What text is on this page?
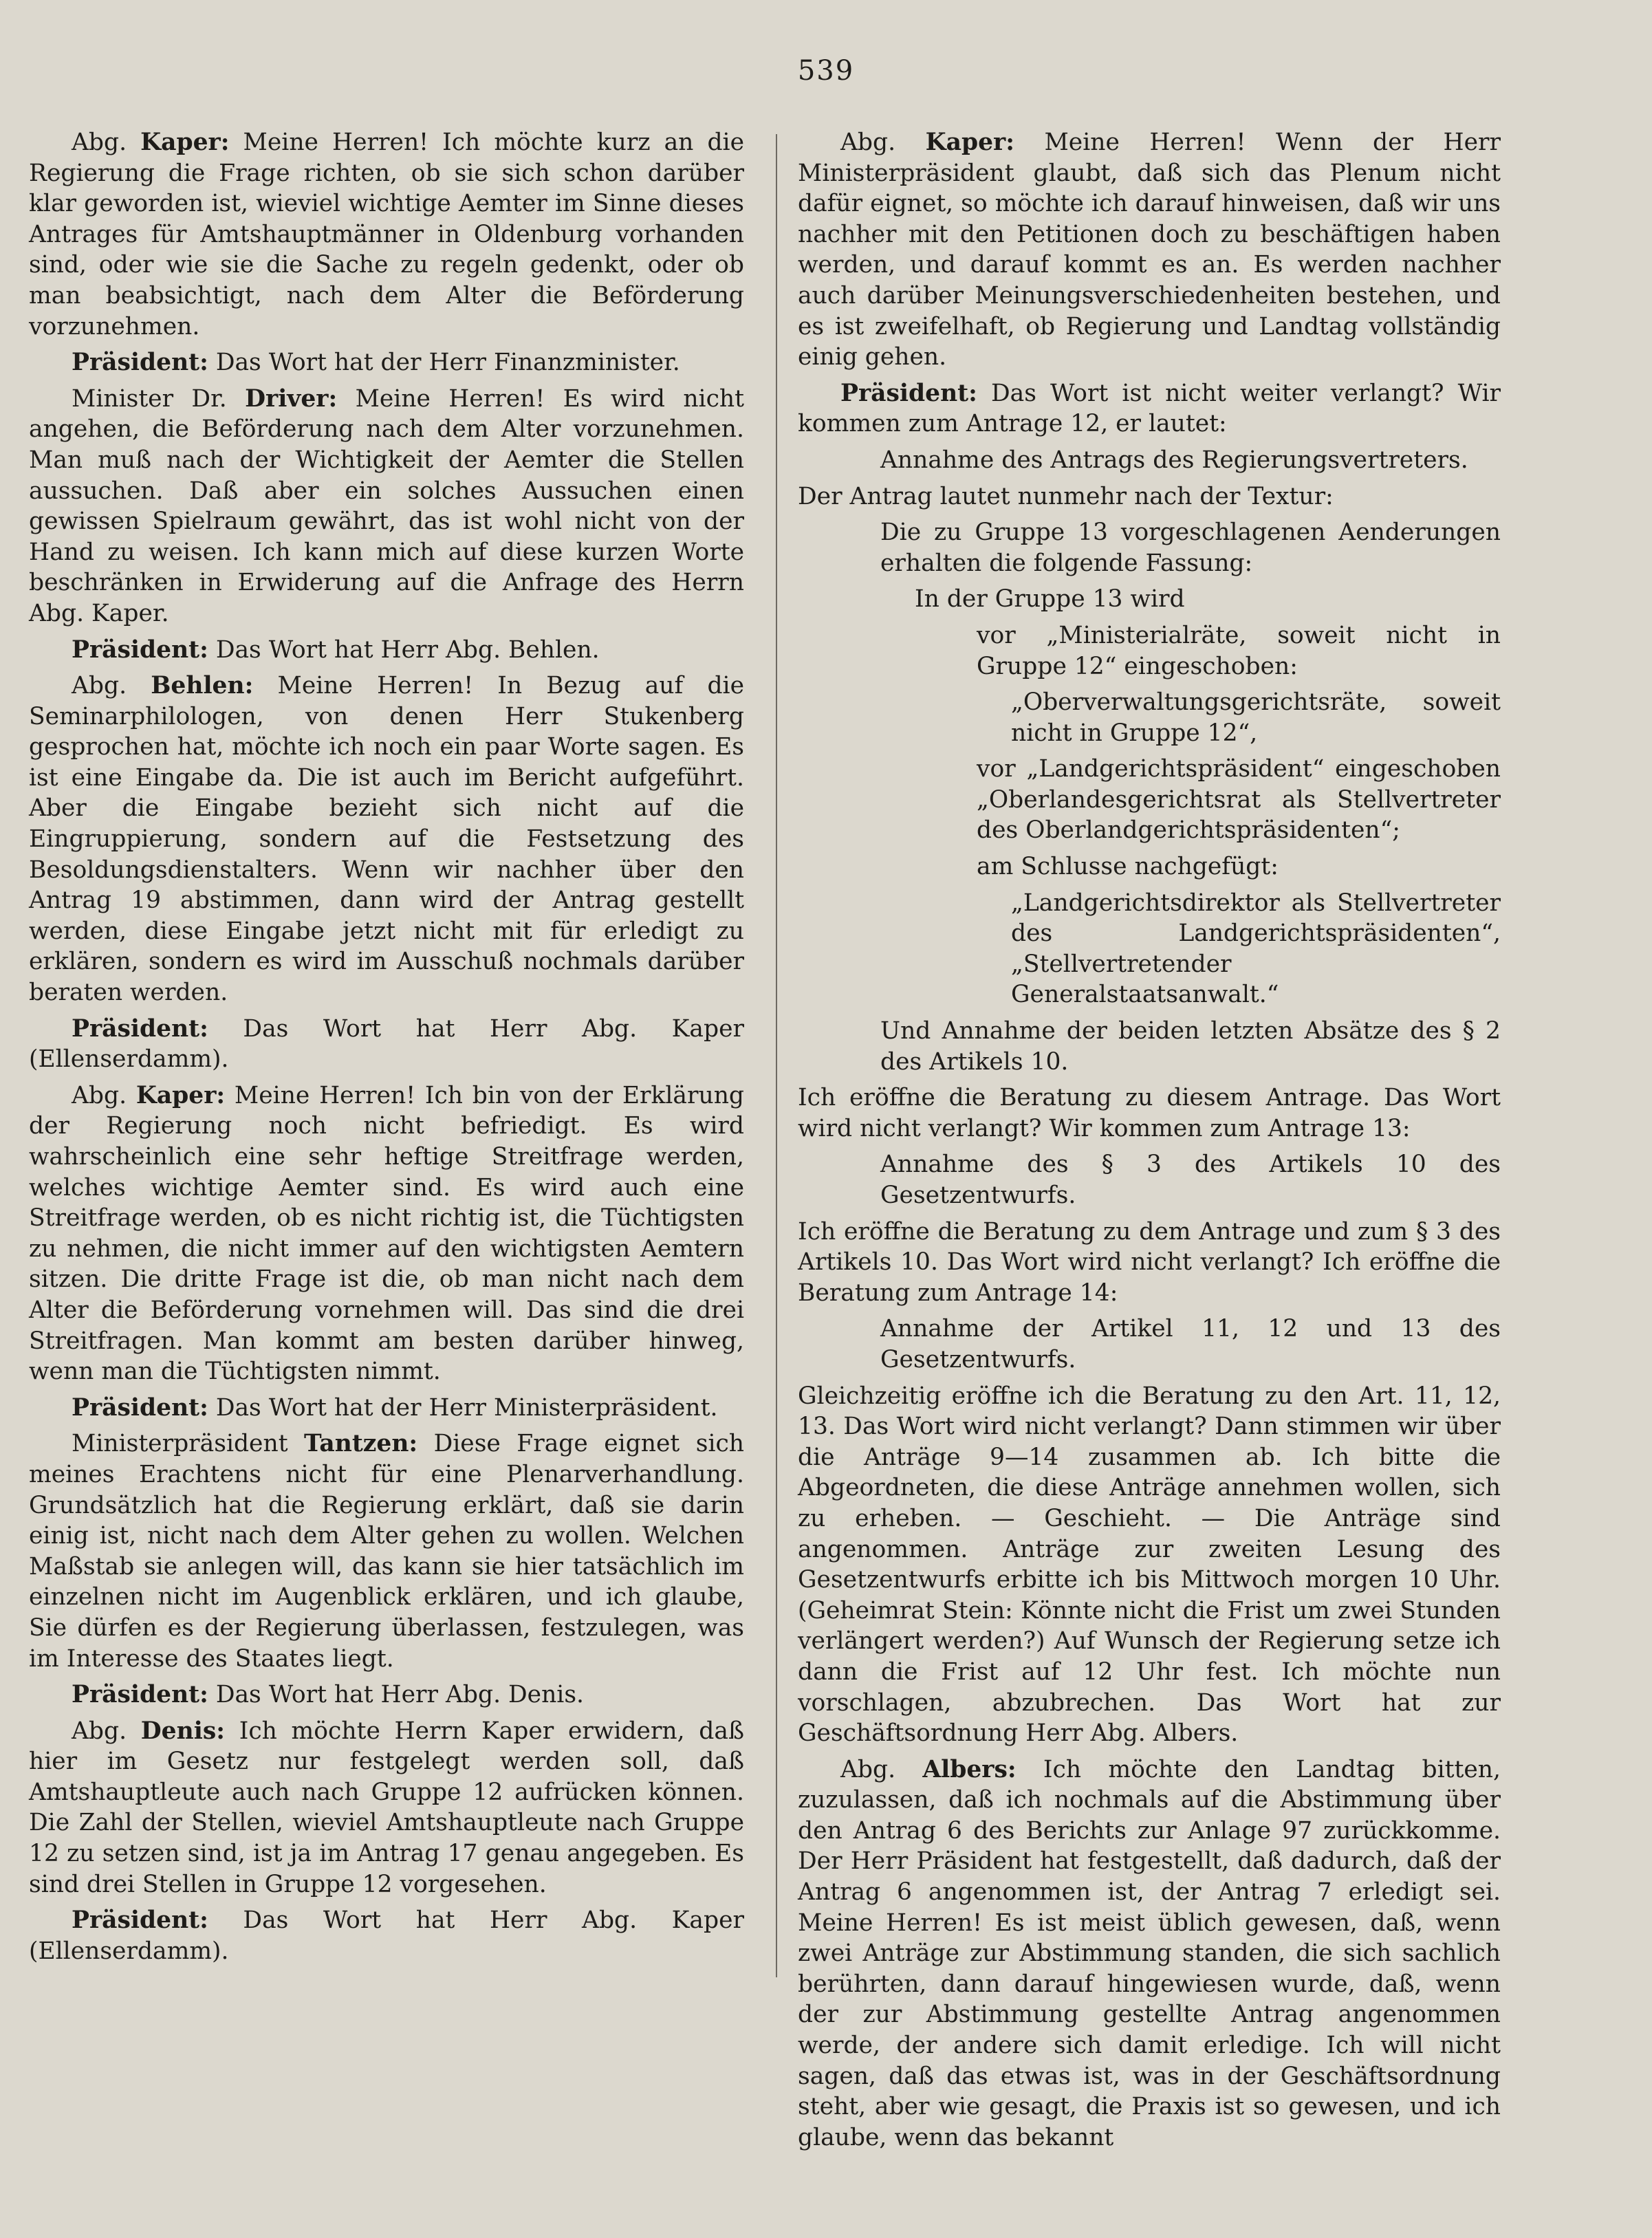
539

Abg. Kaper: Meine Herren! Ich möchte kurz an die Regierung die Frage richten, ob sie sich schon darüber klar geworden ist, wieviel wichtige Aemter im Sinne dieses Antrages für Amtshauptmänner in Oldenburg vorhanden sind, oder wie sie die Sache zu regeln gedenkt, oder ob man beabsichtigt, nach dem Alter die Beförderung vorzunehmen.

Präsident: Das Wort hat der Herr Finanzminister.

Minister Dr. Driver: Meine Herren! Es wird nicht angehen, die Beförderung nach dem Alter vorzunehmen. Man muß nach der Wichtigkeit der Aemter die Stellen aussuchen. Daß aber ein solches Aussuchen einen gewissen Spielraum gewährt, das ist wohl nicht von der Hand zu weisen. Ich kann mich auf diese kurzen Worte beschränken in Erwiderung auf die Anfrage des Herrn Abg. Kaper.

Präsident: Das Wort hat Herr Abg. Behlen.

Abg. Behlen: Meine Herren! In Bezug auf die Seminarphilologen, von denen Herr Stukenberg gesprochen hat, möchte ich noch ein paar Worte sagen. Es ist eine Eingabe da. Die ist auch im Bericht aufgeführt. Aber die Eingabe bezieht sich nicht auf die Eingruppierung, sondern auf die Festsetzung des Besoldungsdienstalters. Wenn wir nachher über den Antrag 19 abstimmen, dann wird der Antrag gestellt werden, diese Eingabe jetzt nicht mit für erledigt zu erklären, sondern es wird im Ausschuß nochmals darüber beraten werden.

Präsident: Das Wort hat Herr Abg. Kaper (Ellenserdamm).

Abg. Kaper: Meine Herren! Ich bin von der Erklärung der Regierung noch nicht befriedigt. Es wird wahrscheinlich eine sehr heftige Streitfrage werden, welches wichtige Aemter sind. Es wird auch eine Streitfrage werden, ob es nicht richtig ist, die Tüchtigsten zu nehmen, die nicht immer auf den wichtigsten Aemtern sitzen. Die dritte Frage ist die, ob man nicht nach dem Alter die Beförderung vornehmen will. Das sind die drei Streitfragen. Man kommt am besten darüber hinweg, wenn man die Tüchtigsten nimmt.

Präsident: Das Wort hat der Herr Ministerpräsident.

Ministerpräsident Tantzen: Diese Frage eignet sich meines Erachtens nicht für eine Plenarverhandlung. Grundsätzlich hat die Regierung erklärt, daß sie darin einig ist, nicht nach dem Alter gehen zu wollen. Welchen Maßstab sie anlegen will, das kann sie hier tatsächlich im einzelnen nicht im Augenblick erklären, und ich glaube, Sie dürfen es der Regierung überlassen, festzulegen, was im Interesse des Staates liegt.

Präsident: Das Wort hat Herr Abg. Denis.

Abg. Denis: Ich möchte Herrn Kaper erwidern, daß hier im Gesetz nur festgelegt werden soll, daß Amtshauptleute auch nach Gruppe 12 aufrücken können. Die Zahl der Stellen, wieviel Amtshauptleute nach Gruppe 12 zu setzen sind, ist ja im Antrag 17 genau angegeben. Es sind drei Stellen in Gruppe 12 vorgesehen.

Präsident: Das Wort hat Herr Abg. Kaper (Ellenserdamm).

Abg. Kaper: Meine Herren! Wenn der Herr Ministerpräsident glaubt, daß sich das Plenum nicht dafür eignet, so möchte ich darauf hinweisen, daß wir uns nachher mit den Petitionen doch zu beschäftigen haben werden, und darauf kommt es an. Es werden nachher auch darüber Meinungsverschiedenheiten bestehen, und es ist zweifelhaft, ob Regierung und Landtag vollständig einig gehen.

Präsident: Das Wort ist nicht weiter verlangt? Wir kommen zum Antrage 12, er lautet:

Annahme des Antrags des Regierungsvertreters.

Der Antrag lautet nunmehr nach der Textur:

Die zu Gruppe 13 vorgeschlagenen Aenderungen erhalten die folgende Fassung:

In der Gruppe 13 wird

vor „Ministerialräte, soweit nicht in Gruppe 12“ eingeschoben:

„Oberverwaltungsgerichtsräte, soweit nicht in Gruppe 12“,

vor „Landgerichtspräsident“ eingeschoben „Oberlandesgerichtsrat als Stellvertreter des Oberlandgerichtspräsidenten“;

am Schlusse nachgefügt:

„Landgerichtsdirektor als Stellvertreter des Landgerichtspräsidenten“, „Stellvertretender Generalstaatsanwalt.“

Und Annahme der beiden letzten Absätze des § 2 des Artikels 10.

Ich eröffne die Beratung zu diesem Antrage. Das Wort wird nicht verlangt? Wir kommen zum Antrage 13:

Annahme des § 3 des Artikels 10 des Gesetzentwurfs.

Ich eröffne die Beratung zu dem Antrage und zum § 3 des Artikels 10. Das Wort wird nicht verlangt? Ich eröffne die Beratung zum Antrage 14:

Annahme der Artikel 11, 12 und 13 des Gesetzentwurfs.

Gleichzeitig eröffne ich die Beratung zu den Art. 11, 12, 13. Das Wort wird nicht verlangt? Dann stimmen wir über die Anträge 9—14 zusammen ab. Ich bitte die Abgeordneten, die diese Anträge annehmen wollen, sich zu erheben. — Geschieht. — Die Anträge sind angenommen. Anträge zur zweiten Lesung des Gesetzentwurfs erbitte ich bis Mittwoch morgen 10 Uhr. (Geheimrat Stein: Könnte nicht die Frist um zwei Stunden verlängert werden?) Auf Wunsch der Regierung setze ich dann die Frist auf 12 Uhr fest. Ich möchte nun vorschlagen, abzubrechen. Das Wort hat zur Geschäftsordnung Herr Abg. Albers.

Abg. Albers: Ich möchte den Landtag bitten, zuzulassen, daß ich nochmals auf die Abstimmung über den Antrag 6 des Berichts zur Anlage 97 zurückkomme. Der Herr Präsident hat festgestellt, daß dadurch, daß der Antrag 6 angenommen ist, der Antrag 7 erledigt sei. Meine Herren! Es ist meist üblich gewesen, daß, wenn zwei Anträge zur Abstimmung standen, die sich sachlich berührten, dann darauf hingewiesen wurde, daß, wenn der zur Abstimmung gestellte Antrag angenommen werde, der andere sich damit erledige. Ich will nicht sagen, daß das etwas ist, was in der Geschäftsordnung steht, aber wie gesagt, die Praxis ist so gewesen, und ich glaube, wenn das bekannt
